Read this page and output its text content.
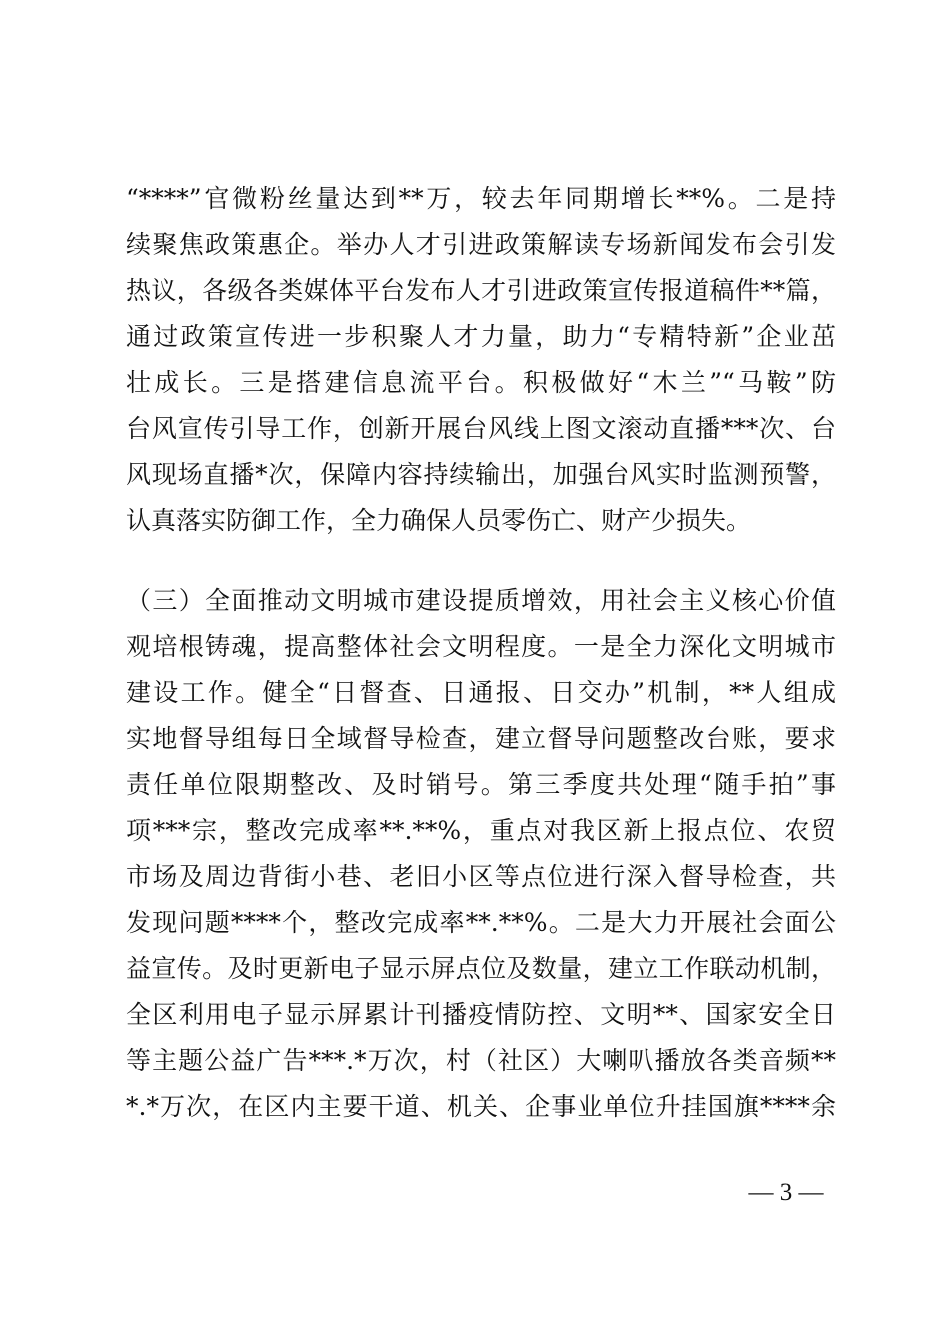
“****”官微粉丝量达到**万，较去年同期增长**%。二是持
续聚焦政策惠企。举办人才引进政策解读专场新闻发布会引发
热议，各级各类媒体平台发布人才引进政策宣传报道稿件**篇，
通过政策宣传进一步积聚人才力量，助力“专精特新”企业茁
壮成长。三是搭建信息流平台。积极做好“木兰”“马鞍”防
台风宣传引导工作，创新开展台风线上图文滚动直播***次、台
风现场直播*次，保障内容持续输出，加强台风实时监测预警，
认真落实防御工作，全力确保人员零伤亡、财产少损失。
（三）全面推动文明城市建设提质增效，用社会主义核心价值
观培根铸魂，提高整体社会文明程度。一是全力深化文明城市
建设工作。健全“日督查、日通报、日交办”机制，**人组成
实地督导组每日全域督导检查，建立督导问题整改台账，要求
责任单位限期整改、及时销号。第三季度共处理“随手拍”事
项***宗，整改完成率**.**%，重点对我区新上报点位、农贸
市场及周边背街小巷、老旧小区等点位进行深入督导检查，共
发现问题****个，整改完成率**.**%。二是大力开展社会面公
益宣传。及时更新电子显示屏点位及数量，建立工作联动机制，
全区利用电子显示屏累计刊播疫情防控、文明**、国家安全日
等主题公益广告***.*万次，村（社区）大喇叭播放各类音频**
*.*万次，在区内主要干道、机关、企事业单位升挂国旗****余
— 3 —
